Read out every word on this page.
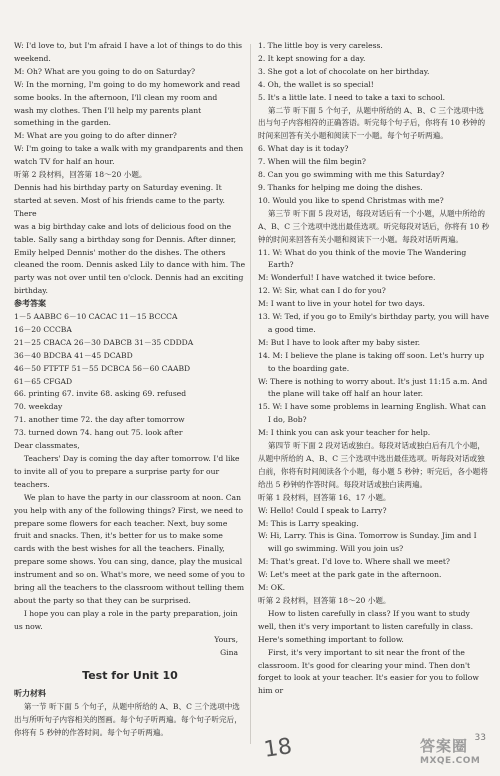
W: I'd love to, but I'm afraid I have a lot of things to do this

weekend.

M: Oh? What are you going to do on Saturday?

W: In the morning, I'm going to do my homework and read

some books. In the afternoon, I'll clean my room and

wash my clothes. Then I'll help my parents plant

something in the garden.

M: What are you going to do after dinner?

W: I'm going to take a walk with my grandparents and then

watch TV for half an hour.

听第 2 段材料，回答第 18～20 小题。

Dennis had his birthday party on Saturday evening. It

started at seven. Most of his friends came to the party. There

was a big birthday cake and lots of delicious food on the

table. Sally sang a birthday song for Dennis. After dinner,

Emily helped Dennis' mother do the dishes. The others

cleaned the room. Dennis asked Lily to dance with him. The

party was not over until ten o'clock. Dennis had an exciting

birthday.

参考答案

1－5 AABBC 6－10 CACAC 11－15 BCCCA

16－20 CCCBA

21－25 CBACA 26－30 DABCB 31－35 CDDDA

36－40 BDCBA 41－45 DCABD

46－50 FTFTF 51－55 DCBCA 56－60 CAABD

61－65 CFGAD

66. printing 67. invite 68. asking 69. refused

70. weekday

71. another time 72. the day after tomorrow

73. turned down 74. hang out 75. look after

Dear classmates,

Teachers' Day is coming the day after tomorrow. I'd like to invite all of you to prepare a surprise party for our teachers.

We plan to have the party in our classroom at noon. Can you help with any of the following things? First, we need to prepare some flowers for each teacher. Next, buy some fruit and snacks. Then, it's better for us to make some cards with the best wishes for all the teachers. Finally, prepare some shows. You can sing, dance, play the musical instrument and so on. What's more, we need some of you to bring all the teachers to the classroom without telling them about the party so that they can be surprised.

I hope you can play a role in the party preparation, join us now.

Yours,

Gina

Test for Unit 10

听力材料

第一节 听下面 5 个句子，从题中所给的 A、B、C 三个选项中选出与所听句子内容相关的图画。每个句子听两遍。每个句子听完后，你将有 5 秒钟的作答时间。每个句子听两遍。

1. The little boy is very careless.

2. It kept snowing for a day.

3. She got a lot of chocolate on her birthday.

4. Oh, the wallet is so special!

5. It's a little late. I need to take a taxi to school.

第二节 听下面 5 个句子，从题中所给的 A、B、C 三个选项中选出与句子内容相符的正确答语。听完每个句子后，你将有 10 秒钟的时间来回答有关小题和阅读下一小题。每个句子听两遍。

6. What day is it today?

7. When will the film begin?

8. Can you go swimming with me this Saturday?

9. Thanks for helping me doing the dishes.

10. Would you like to spend Christmas with me?

第三节 听下面 5 段对话，每段对话后有一个小题，从题中所给的 A、B、C 三个选项中选出最佳选项。听完每段对话后，你将有 10 秒钟的时间来回答有关小题和阅读下一小题。每段对话听两遍。

11. W: What do you think of the movie The Wandering Earth?

M: Wonderful! I have watched it twice before.

12. W: Sir, what can I do for you?

M: I want to live in your hotel for two days.

13. W: Ted, if you go to Emily's birthday party, you will have a good time.

M: But I have to look after my baby sister.

14. M: I believe the plane is taking off soon. Let's hurry up to the boarding gate.

W: There is nothing to worry about. It's just 11:15 a.m. And the plane will take off half an hour later.

15. W: I have some problems in learning English. What can I do, Bob?

M: I think you can ask your teacher for help.

第四节 听下面 2 段对话或独白。每段对话或独白后有几个小题，从题中所给的 A、B、C 三个选项中选出最佳选项。听每段对话或独白前，你将有时间阅读各个小题，每小题 5 秒钟；听完后，各小题将给出 5 秒钟的作答时间。每段对话或独白读两遍。

听第 1 段材料，回答第 16、17 小题。

W: Hello! Could I speak to Larry?

M: This is Larry speaking.

W: Hi, Larry. This is Gina. Tomorrow is Sunday. Jim and I will go swimming. Will you join us?

M: That's great. I'd love to. Where shall we meet?

W: Let's meet at the park gate in the afternoon.

M: OK.

听第 2 段材料，回答第 18～20 小题。

How to listen carefully in class? If you want to study well, then it's very important to listen carefully in class. Here's something important to follow.

First, it's very important to sit near the front of the classroom. It's good for clearing your mind. Then don't forget to look at your teacher. It's easier for you to follow him or

18	答案圈
MXQE.COM
33
